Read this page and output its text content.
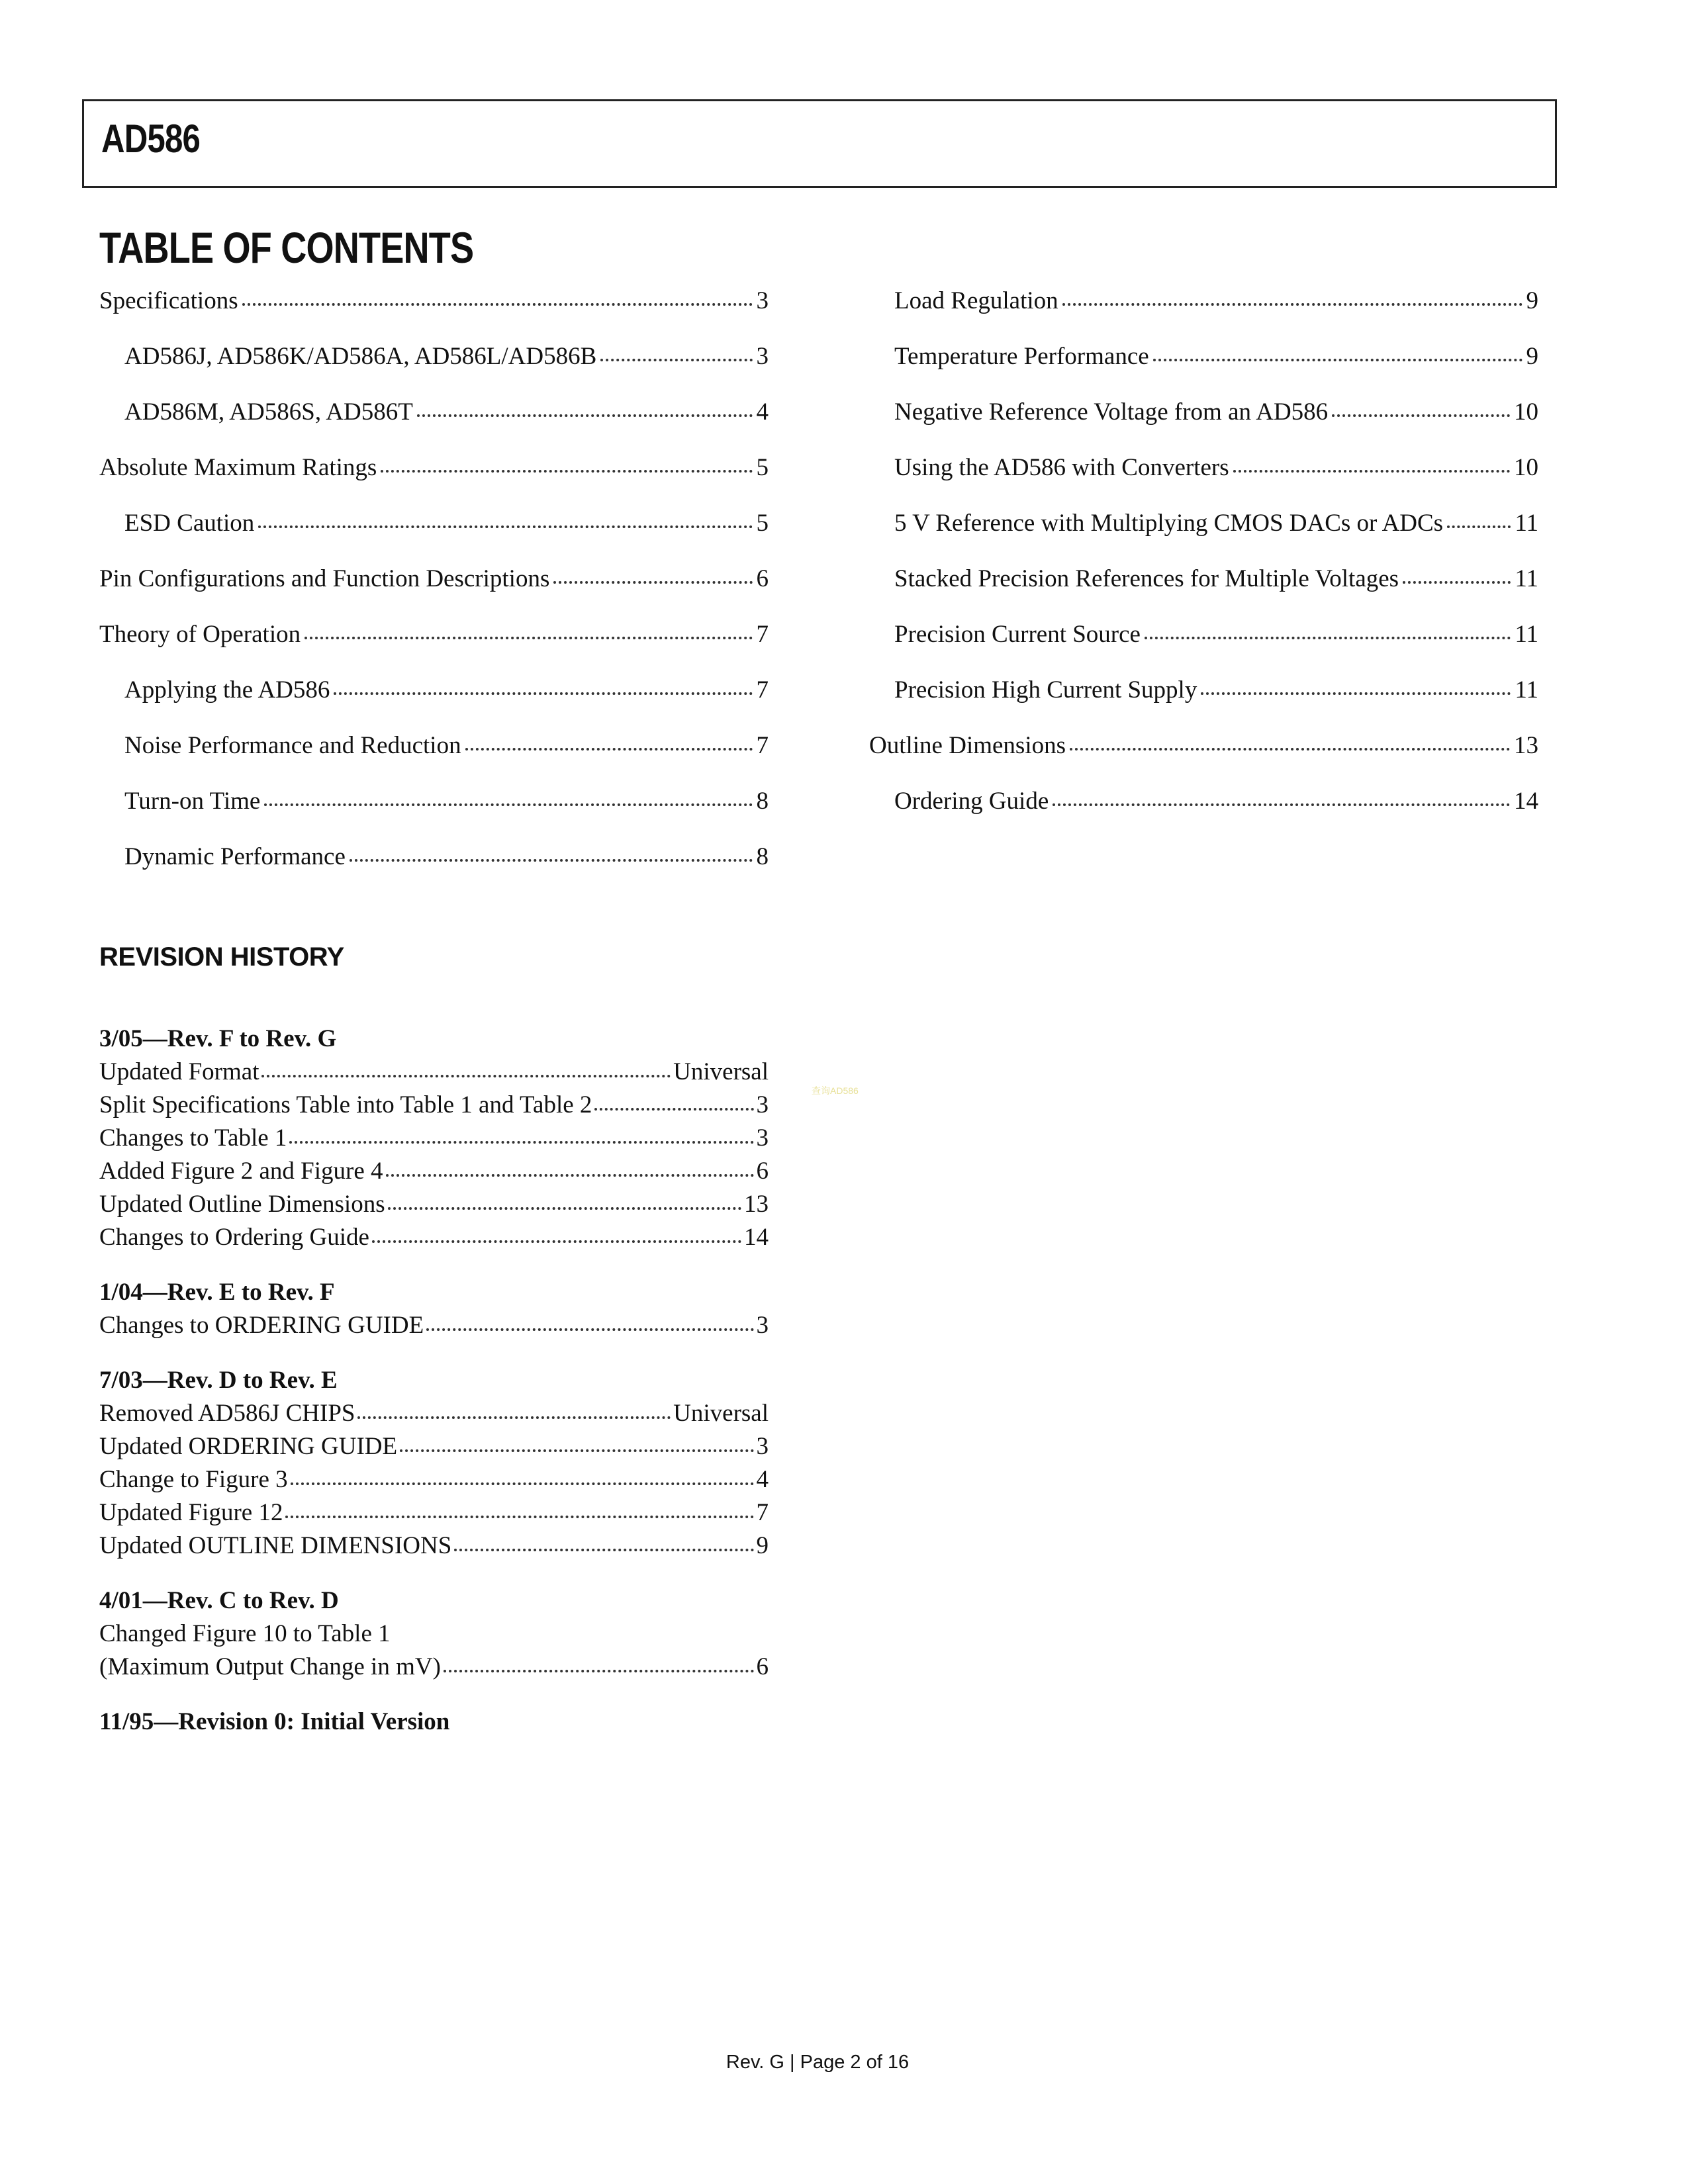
AD586
TABLE OF CONTENTS
Specifications	3
AD586J, AD586K/AD586A, AD586L/AD586B	3
AD586M, AD586S, AD586T	4
Absolute Maximum Ratings	5
ESD Caution	5
Pin Configurations and Function Descriptions	6
Theory of Operation	7
Applying the AD586	7
Noise Performance and Reduction	7
Turn-on Time	8
Dynamic Performance	8
Load Regulation	9
Temperature Performance	9
Negative Reference Voltage from an AD586	10
Using the AD586 with Converters	10
5 V Reference with Multiplying CMOS DACs or ADCs	11
Stacked Precision References for Multiple Voltages	11
Precision Current Source	11
Precision High Current Supply	11
Outline Dimensions	13
Ordering Guide	14
REVISION HISTORY
3/05—Rev. F to Rev. G
Updated Format	Universal
Split Specifications Table into Table 1 and Table 2	3
Changes to Table 1	3
Added Figure 2 and Figure 4	6
Updated Outline Dimensions	13
Changes to Ordering Guide	14
1/04—Rev. E to Rev. F
Changes to ORDERING GUIDE	3
7/03—Rev. D to Rev. E
Removed AD586J CHIPS	Universal
Updated ORDERING GUIDE	3
Change to Figure 3	4
Updated Figure 12	7
Updated OUTLINE DIMENSIONS	9
4/01—Rev. C to Rev. D
Changed Figure 10 to Table 1
(Maximum Output Change in mV)	6
11/95—Revision 0: Initial Version
查询AD586
Rev. G | Page 2 of 16
